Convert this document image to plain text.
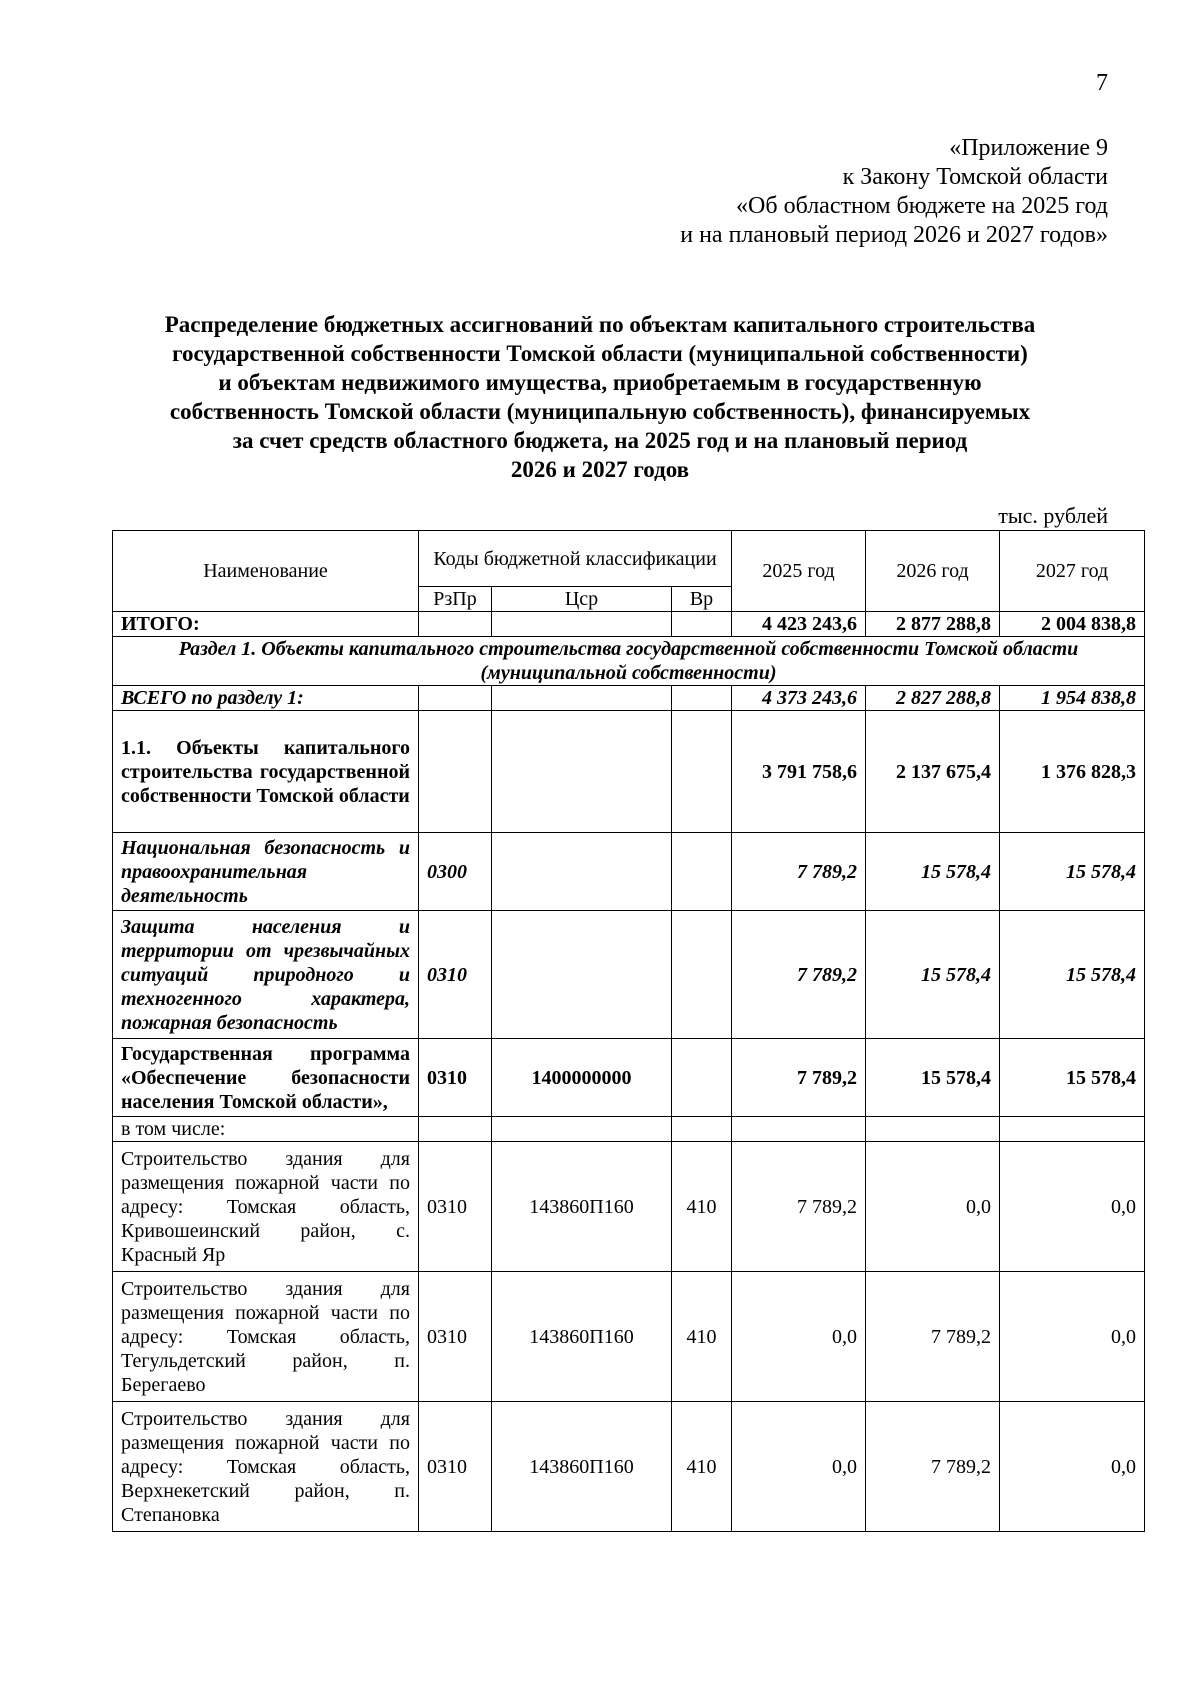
7
«Приложение 9
к Закону Томской области
«Об областном бюджете на 2025 год
и на плановый период 2026 и 2027 годов»
Распределение бюджетных ассигнований по объектам капитального строительства
государственной собственности Томской области (муниципальной собственности)
и объектам недвижимого имущества, приобретаемым в государственную
собственность Томской области (муниципальную собственность), финансируемых
за счет средств областного бюджета, на 2025 год и на плановый период
2026 и 2027 годов
тыс. рублей
Наименование	Коды бюджетной классификации			2025 год	2026 год	2027 год
	РзПр	Цср	Вр			
ИТОГО:				4 423 243,6	2 877 288,8	2 004 838,8
Раздел 1. Объекты капитального строительства государственной собственности Томской области (муниципальной собственности)						
ВСЕГО по разделу 1:				4 373 243,6	2 827 288,8	1 954 838,8
1.1. Объекты капитального строительства государственной собственности Томской области				3 791 758,6	2 137 675,4	1 376 828,3
Национальная безопасность и правоохранительная деятельность	0300			7 789,2	15 578,4	15 578,4
Защита населения и территории от чрезвычайных ситуаций природного и техногенного характера, пожарная безопасность	0310			7 789,2	15 578,4	15 578,4
Государственная программа «Обеспечение безопасности населения Томской области»,	0310	1400000000		7 789,2	15 578,4	15 578,4
в том числе:						
Строительство здания для размещения пожарной части по адресу: Томская область, Кривошеинский район, с. Красный Яр	0310	143860П160	410	7 789,2	0,0	0,0
Строительство здания для размещения пожарной части по адресу: Томская область, Тегульдетский район, п. Берегаево	0310	143860П160	410	0,0	7 789,2	0,0
Строительство здания для размещения пожарной части по адресу: Томская область, Верхнекетский район, п. Степановка	0310	143860П160	410	0,0	7 789,2	0,0
